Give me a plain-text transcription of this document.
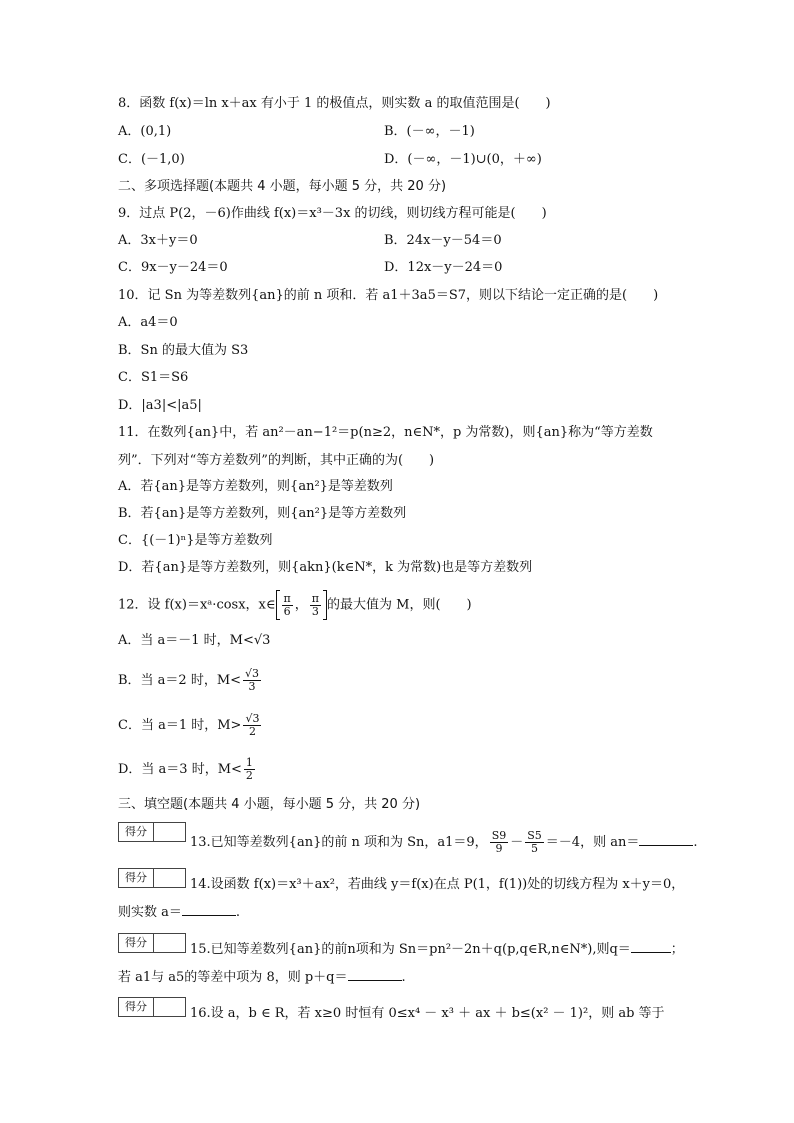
8．函数 f(x)＝ln x＋ax 有小于 1 的极值点，则实数 a 的取值范围是(　　)
A．(0,1)	B．(－∞，－1)
C．(－1,0)	D．(－∞，－1)∪(0，＋∞)
二、多项选择题(本题共 4 小题，每小题 5 分，共 20 分)
9．过点 P(2，－6)作曲线 f(x)＝x³－3x 的切线，则切线方程可能是(　　)
A．3x＋y＝0	B．24x－y－54＝0
C．9x－y－24＝0	D．12x－y－24＝0
10．记 Sn 为等差数列{an}的前 n 项和．若 a1＋3a5＝S7，则以下结论一定正确的是(　　)
A．a4＝0
B．Sn 的最大值为 S3
C．S1＝S6
D．|a3|<|a5|
11．在数列{an}中，若 an²－an−1²＝p(n≥2，n∈N*，p 为常数)，则{an}称为“等方差数
列”．下列对“等方差数列”的判断，其中正确的为(　　)
A．若{an}是等方差数列，则{an²}是等差数列
B．若{an}是等方差数列，则{an²}是等方差数列
C．{(－1)ⁿ}是等方差数列
D．若{an}是等方差数列，则{akn}(k∈N*，k 为常数)也是等方差数列
12．设 f(x)＝xᵃ·cosx，x∈ $\frac{\pi}{6}$ ， $\frac{\pi}{3}$ 的最大值为 M，则(　　)
A．当 a＝－1 时，M<√3
B．当 a＝2 时，$M< \frac{√3}{3}$
C．当 a＝1 时，$M> \frac{√3}{2}$
D．当 a＝3 时，$M< \frac{1}{2}$
三、填空题(本题共 4 小题，每小题 5 分，共 20 分)
得分
13.已知等差数列{an}的前 n 项和为 Sn，a1＝9， $\frac{S9}{9} - \frac{S5}{5} =-4$，则 an＝	.
得分	14.设函数 f(x)＝x³＋ax²，若曲线 y＝f(x)在点 P(1，f(1))处的切线方程为 x＋y＝0，
则实数 a＝	.
得分	15.已知等差数列{an}的前n项和为 Sn＝pn²－2n＋q(p,q∈R,n∈N*),则q＝	；
若 a1与 a5的等差中项为 8，则 p＋q＝	.
得分	16.设 a，b ∈ R，若 x≥0 时恒有 0≤x⁴ － x³ ＋ ax ＋ b≤(x² － 1)²，则 ab 等于
